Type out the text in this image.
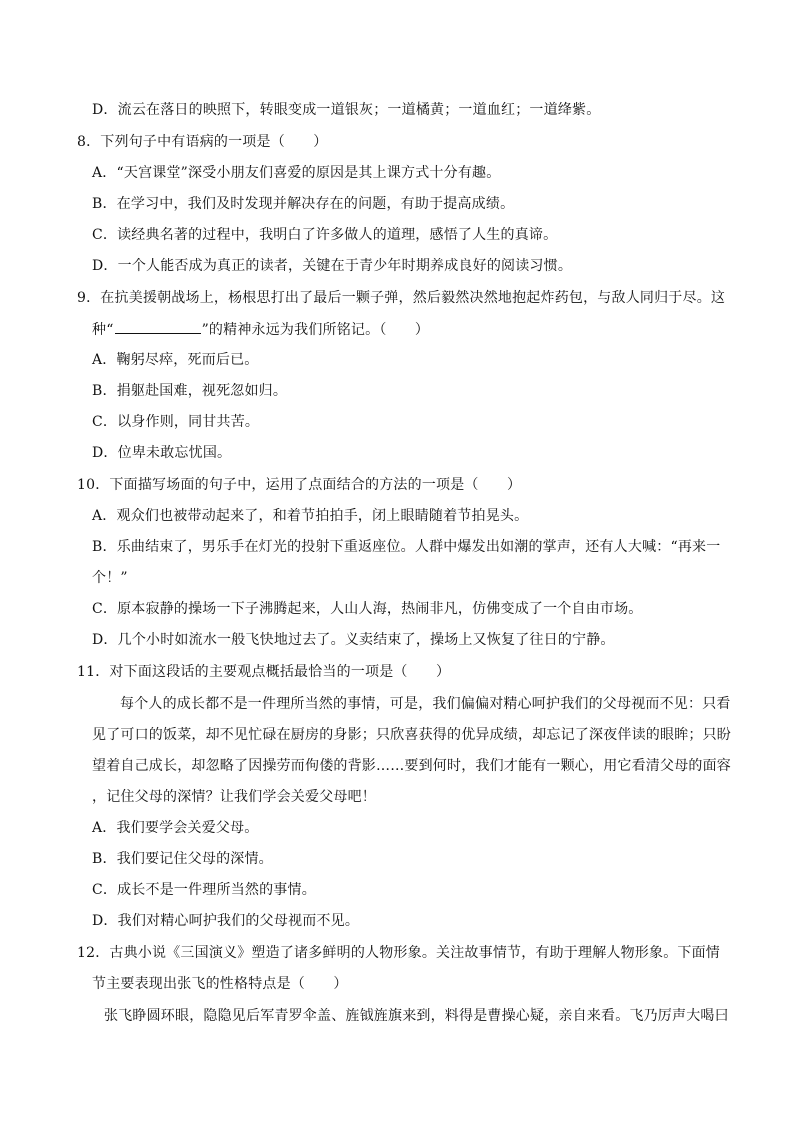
D．流云在落日的映照下，转眼变成一道银灰；一道橘黄；一道血红；一道绛紫。
8．下列句子中有语病的一项是（　　）
A．“天宫课堂”深受小朋友们喜爱的原因是其上课方式十分有趣。
B．在学习中，我们及时发现并解决存在的问题，有助于提高成绩。
C．读经典名著的过程中，我明白了许多做人的道理，感悟了人生的真谛。
D．一个人能否成为真正的读者，关键在于青少年时期养成良好的阅读习惯。
9．在抗美援朝战场上，杨根思打出了最后一颗子弹，然后毅然决然地抱起炸药包，与敌人同归于尽。这
种“	”的精神永远为我们所铭记。（　　）
A．鞠躬尽瘁，死而后已。
B．捐躯赴国难，视死忽如归。
C．以身作则，同甘共苦。
D．位卑未敢忘忧国。
10．下面描写场面的句子中，运用了点面结合的方法的一项是（　　）
A．观众们也被带动起来了，和着节拍拍手，闭上眼睛随着节拍晃头。
B．乐曲结束了，男乐手在灯光的投射下重返座位。人群中爆发出如潮的掌声，还有人大喊：“再来一
个！”
C．原本寂静的操场一下子沸腾起来，人山人海，热闹非凡，仿佛变成了一个自由市场。
D．几个小时如流水一般飞快地过去了。义卖结束了，操场上又恢复了往日的宁静。
11．对下面这段话的主要观点概括最恰当的一项是（　　）
每个人的成长都不是一件理所当然的事情，可是，我们偏偏对精心呵护我们的父母视而不见：只看
见了可口的饭菜，却不见忙碌在厨房的身影；只欣喜获得的优异成绩，却忘记了深夜伴读的眼眸；只盼
望着自己成长，却忽略了因操劳而佝偻的背影……要到何时，我们才能有一颗心，用它看清父母的面容
，记住父母的深情？让我们学会关爱父母吧！
A．我们要学会关爱父母。
B．我们要记住父母的深情。
C．成长不是一件理所当然的事情。
D．我们对精心呵护我们的父母视而不见。
12．古典小说《三国演义》塑造了诸多鲜明的人物形象。关注故事情节，有助于理解人物形象。下面情
节主要表现出张飞的性格特点是（　　）
张飞睁圆环眼，隐隐见后军青罗伞盖、旌钺旌旗来到，料得是曹操心疑，亲自来看。飞乃厉声大喝曰
